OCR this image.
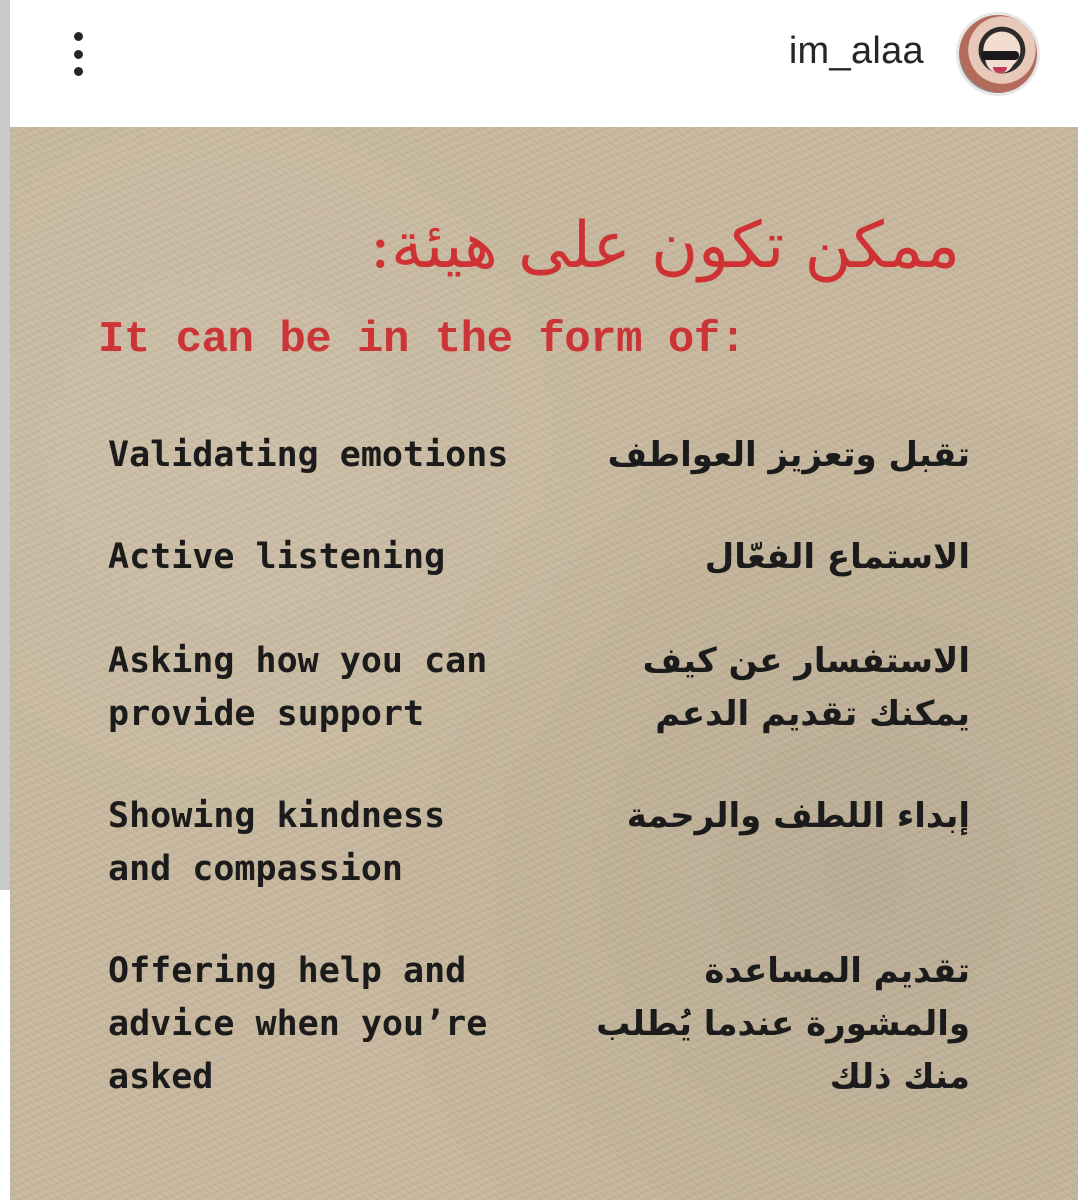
im_alaa
ممكن تكون على هيئة:
It can be in the form of:
Validating emotions	تقبل وتعزيز العواطف
Active listening	الاستماع الفعّال
Asking how you can
provide support
الاستفسار عن كيف
يمكنك تقديم الدعم
Showing kindness
and compassion
إبداء اللطف والرحمة
Offering help and
advice when you’re
asked
تقديم المساعدة
والمشورة عندما يُطلب
منك ذلك
